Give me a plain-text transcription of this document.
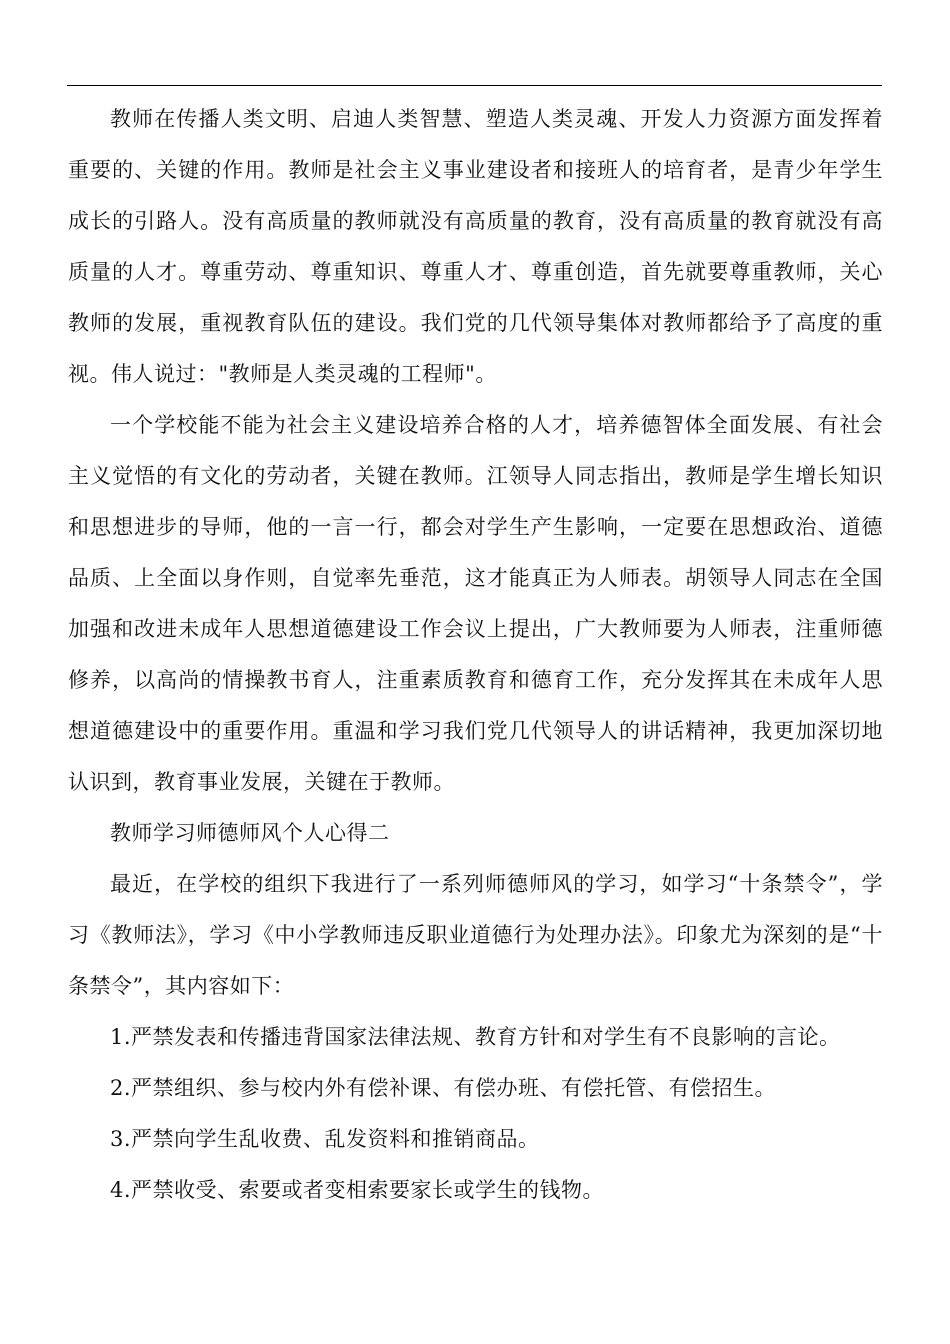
教师在传播人类文明、启迪人类智慧、塑造人类灵魂、开发人力资源方面发挥着重要的、关键的作用。教师是社会主义事业建设者和接班人的培育者，是青少年学生成长的引路人。没有高质量的教师就没有高质量的教育，没有高质量的教育就没有高质量的人才。尊重劳动、尊重知识、尊重人才、尊重创造，首先就要尊重教师，关心教师的发展，重视教育队伍的建设。我们党的几代领导集体对教师都给予了高度的重视。伟人说过："教师是人类灵魂的工程师"。

一个学校能不能为社会主义建设培养合格的人才，培养德智体全面发展、有社会主义觉悟的有文化的劳动者，关键在教师。江领导人同志指出，教师是学生增长知识和思想进步的导师，他的一言一行，都会对学生产生影响，一定要在思想政治、道德品质、上全面以身作则，自觉率先垂范，这才能真正为人师表。胡领导人同志在全国加强和改进未成年人思想道德建设工作会议上提出，广大教师要为人师表，注重师德修养，以高尚的情操教书育人，注重素质教育和德育工作，充分发挥其在未成年人思想道德建设中的重要作用。重温和学习我们党几代领导人的讲话精神，我更加深切地认识到，教育事业发展，关键在于教师。

教师学习师德师风个人心得二

最近，在学校的组织下我进行了一系列师德师风的学习，如学习“十条禁令”，学习《教师法》，学习《中小学教师违反职业道德行为处理办法》。印象尤为深刻的是“十条禁令”，其内容如下：

1.严禁发表和传播违背国家法律法规、教育方针和对学生有不良影响的言论。

2.严禁组织、参与校内外有偿补课、有偿办班、有偿托管、有偿招生。

3.严禁向学生乱收费、乱发资料和推销商品。

4.严禁收受、索要或者变相索要家长或学生的钱物。
